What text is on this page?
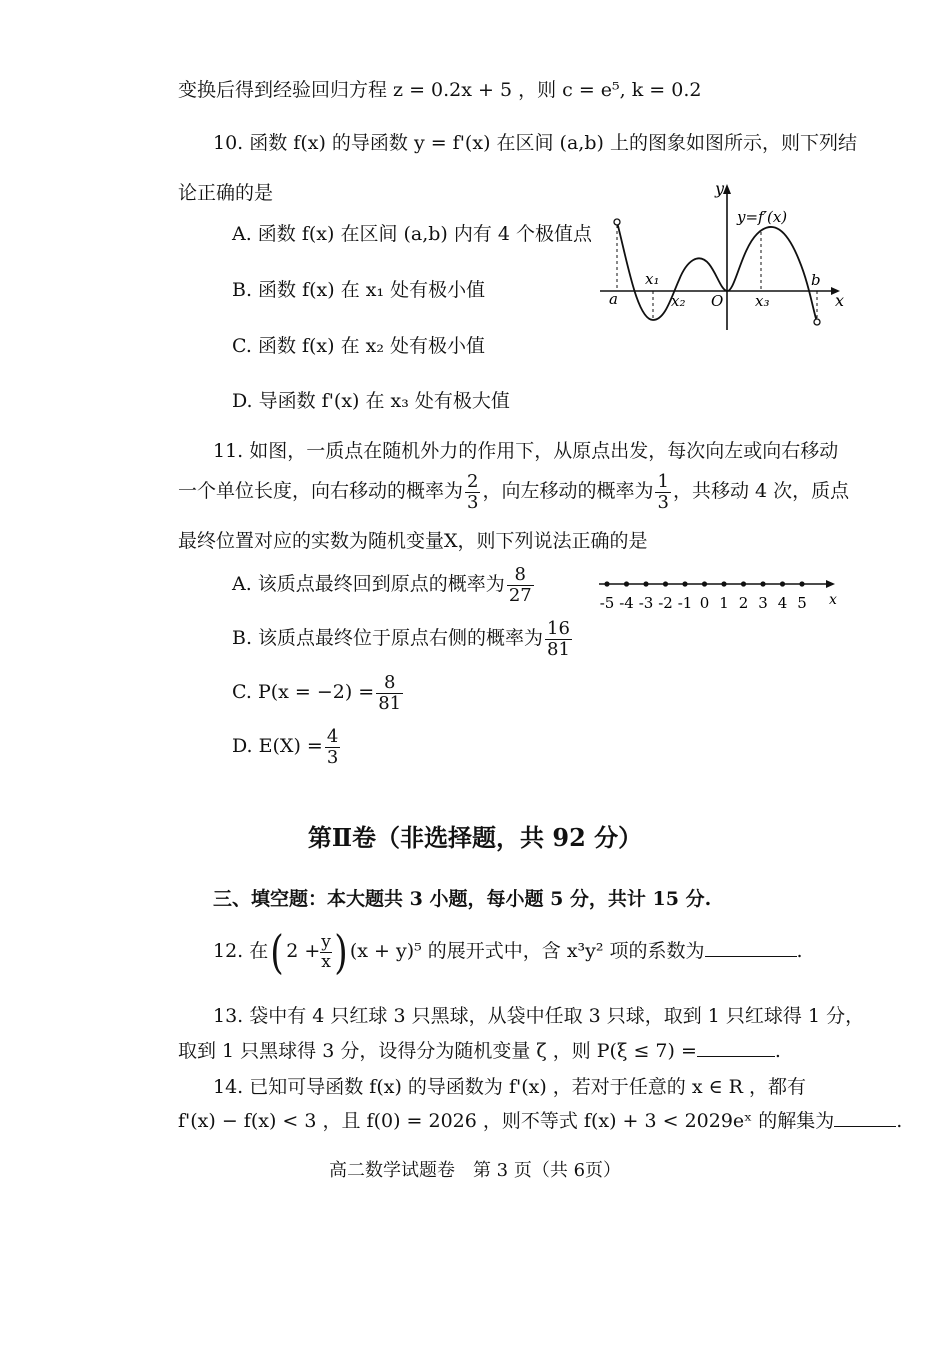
变换后得到经验回归方程 z = 0.2x + 5 ，则 c = e⁵, k = 0.2
10. 函数 f(x) 的导函数 y = f'(x) 在区间 (a,b) 上的图象如图所示，则下列结
论正确的是
A. 函数 f(x) 在区间 (a,b) 内有 4 个极值点
B. 函数 f(x) 在 x₁ 处有极小值
C. 函数 f(x) 在 x₂ 处有极小值
D. 导函数 f'(x) 在 x₃ 处有极大值
y
x
y=f′(x)
a
x₁
x₂ O x₃
b
11. 如图，一质点在随机外力的作用下，从原点出发，每次向左或向右移动
一个单位长度，向右移动的概率为 $\frac{2}{3}$ ，向左移动的概率为 $\frac{1}{3}$ ，共移动 4 次，质点
最终位置对应的实数为随机变量X，则下列说法正确的是
A. 该质点最终回到原点的概率为 $\frac{8}{27}$
B. 该质点最终位于原点右侧的概率为 $\frac{16}{81}$
C. $P(x = -2) = \frac{8}{81}$
D. $E(X) = \frac{4}{3}$
-5 -4 -3 -2 -1 0 1 2 3 4 5 x
第Ⅱ卷（非选择题，共 92 分）
三、填空题：本大题共 3 小题，每小题 5 分，共计 15 分.
12. 在( $2 + \frac{y}{x}$ ) (x + y)⁵ 的展开式中，含 x³y² 项的系数为	.
13. 袋中有 4 只红球 3 只黑球，从袋中任取 3 只球，取到 1 只红球得 1 分，
取到 1 只黑球得 3 分，设得分为随机变量 ζ ，则 P(ξ ≤ 7) =	.
14. 已知可导函数 f(x) 的导函数为 f'(x) ，若对于任意的 x ∈ R ，都有
f'(x) − f(x) < 3 ，且 f(0) = 2026 ，则不等式 f(x) + 3 < 2029eˣ 的解集为	.
高二数学试题卷　第 3 页（共 6页）
